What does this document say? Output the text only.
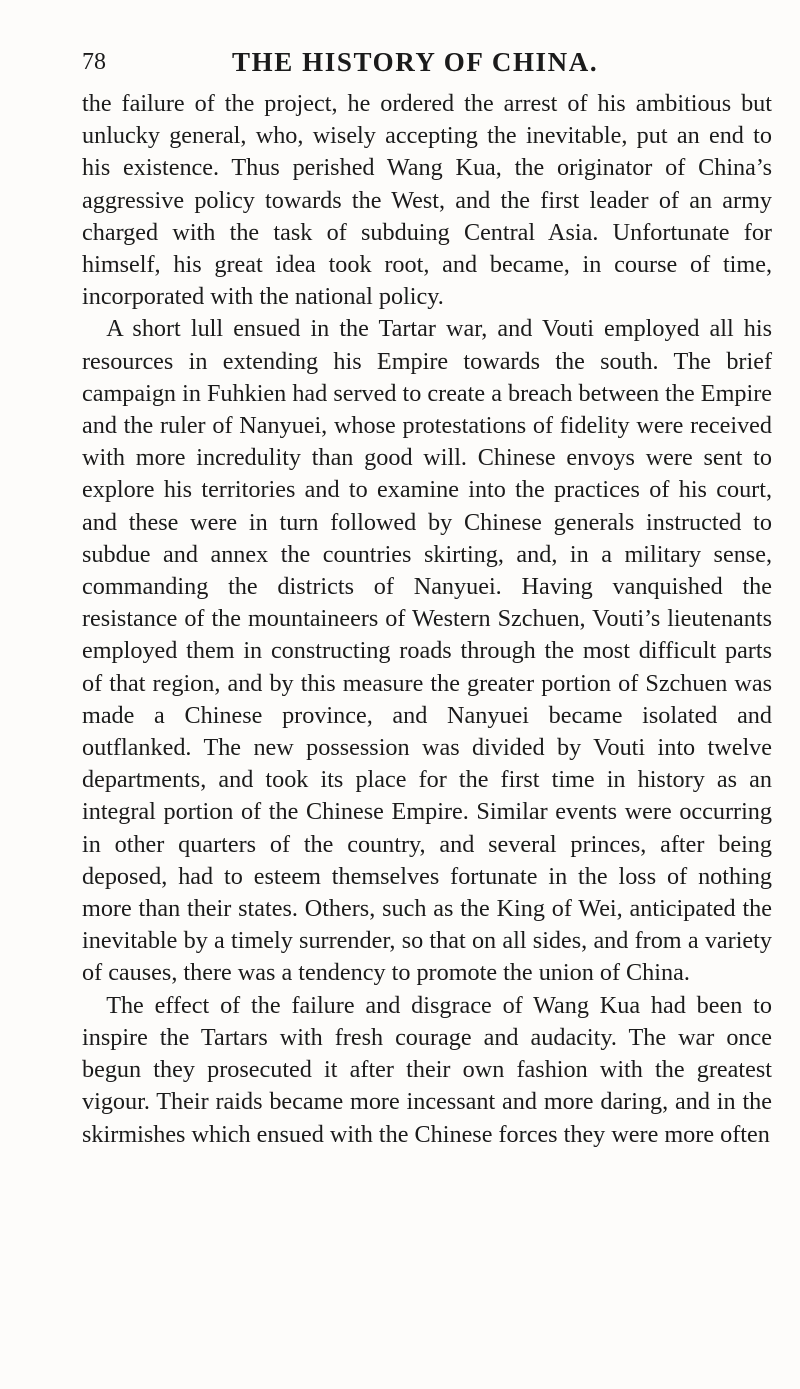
78	THE HISTORY OF CHINA.

the failure of the project, he ordered the arrest of his ambitious but unlucky general, who, wisely accepting the inevitable, put an end to his existence. Thus perished Wang Kua, the originator of China’s aggressive policy towards the West, and the first leader of an army charged with the task of subduing Central Asia. Unfortunate for himself, his great idea took root, and became, in course of time, incorporated with the national policy.

A short lull ensued in the Tartar war, and Vouti employed all his resources in extending his Empire towards the south. The brief campaign in Fuhkien had served to create a breach between the Empire and the ruler of Nanyuei, whose protestations of fidelity were received with more incredulity than good will. Chinese envoys were sent to explore his territories and to examine into the practices of his court, and these were in turn followed by Chinese generals instructed to subdue and annex the countries skirting, and, in a military sense, commanding the districts of Nanyuei. Having vanquished the resistance of the mountaineers of Western Szchuen, Vouti’s lieutenants employed them in constructing roads through the most difficult parts of that region, and by this measure the greater portion of Szchuen was made a Chinese province, and Nanyuei became isolated and outflanked. The new possession was divided by Vouti into twelve departments, and took its place for the first time in history as an integral portion of the Chinese Empire. Similar events were occurring in other quarters of the country, and several princes, after being deposed, had to esteem themselves fortunate in the loss of nothing more than their states. Others, such as the King of Wei, anticipated the inevitable by a timely surrender, so that on all sides, and from a variety of causes, there was a tendency to promote the union of China.

The effect of the failure and disgrace of Wang Kua had been to inspire the Tartars with fresh courage and audacity. The war once begun they prosecuted it after their own fashion with the greatest vigour. Their raids became more incessant and more daring, and in the skirmishes which ensued with the Chinese forces they were more often
